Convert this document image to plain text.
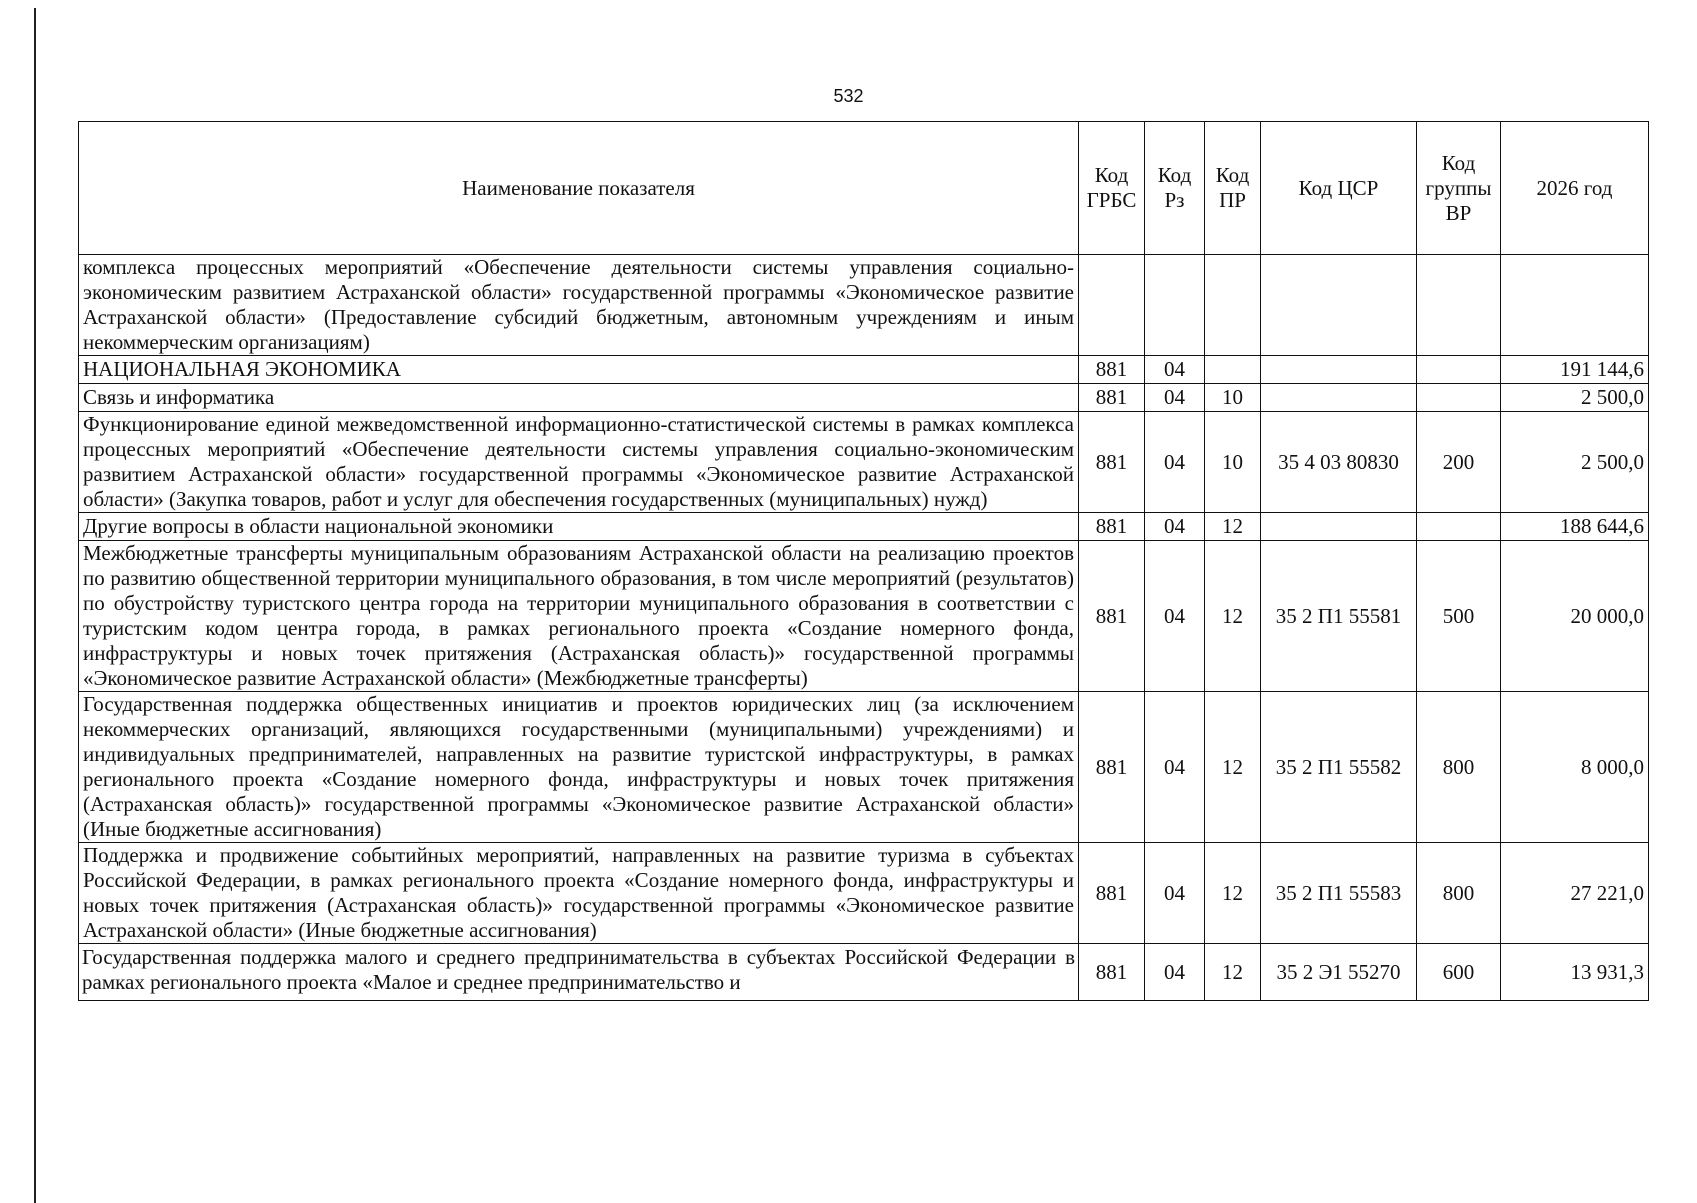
532
Наименование показателя	Код ГРБС	Код Рз	Код ПР	Код ЦСР	Код группы ВР	2026 год
комплекса процессных мероприятий «Обеспечение деятельности системы управления социально-экономическим развитием Астраханской области» государственной программы «Экономическое развитие Астраханской области» (Предоставление субсидий бюджетным, автономным учреждениям и иным некоммерческим организациям)						
НАЦИОНАЛЬНАЯ ЭКОНОМИКА	881	04				191 144,6
Связь и информатика	881	04	10			2 500,0
Функционирование единой межведомственной информационно-статистической системы в рамках комплекса процессных мероприятий «Обеспечение деятельности системы управления социально-экономическим развитием Астраханской области» государственной программы «Экономическое развитие Астраханской области» (Закупка товаров, работ и услуг для обеспечения государственных (муниципальных) нужд)	881	04	10	35 4 03 80830	200	2 500,0
Другие вопросы в области национальной экономики	881	04	12			188 644,6
Межбюджетные трансферты муниципальным образованиям Астраханской области на реализацию проектов по развитию общественной территории муниципального образования, в том числе мероприятий (результатов) по обустройству туристского центра города на территории муниципального образования в соответствии с туристским кодом центра города, в рамках регионального проекта «Создание номерного фонда, инфраструктуры и новых точек притяжения (Астраханская область)» государственной программы «Экономическое развитие Астраханской области» (Межбюджетные трансферты)	881	04	12	35 2 П1 55581	500	20 000,0
Государственная поддержка общественных инициатив и проектов юридических лиц (за исключением некоммерческих организаций, являющихся государственными (муниципальными) учреждениями) и индивидуальных предпринимателей, направленных на развитие туристской инфраструктуры, в рамках регионального проекта «Создание номерного фонда, инфраструктуры и новых точек притяжения (Астраханская область)» государственной программы «Экономическое развитие Астраханской области» (Иные бюджетные ассигнования)	881	04	12	35 2 П1 55582	800	8 000,0
Поддержка и продвижение событийных мероприятий, направленных на развитие туризма в субъектах Российской Федерации, в рамках регионального проекта «Создание номерного фонда, инфраструктуры и новых точек притяжения (Астраханская область)» государственной программы «Экономическое развитие Астраханской области» (Иные бюджетные ассигнования)	881	04	12	35 2 П1 55583	800	27 221,0

Государственная поддержка малого и среднего предпринимательства в субъектах Российской Федерации в рамках регионального проекта «Малое и среднее предпринимательство и	881	04	12	35 2 Э1 55270	600	13 931,3
